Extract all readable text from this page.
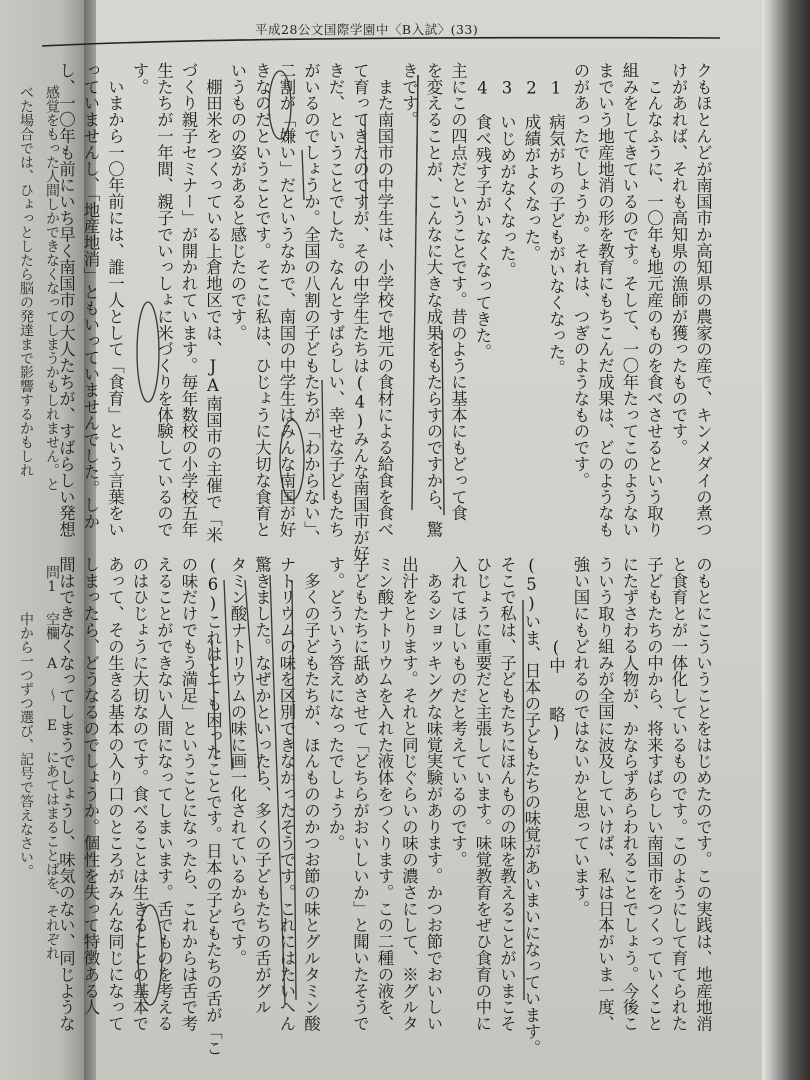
感覚をもった人間しかできなくなってしまうかもしれません。と
べた場合では、ひょっとしたら脳の発達まで影響するかもしれ
問1
空欄 A ～ E にあてはまることばを、それぞれ
中から一つずつ選び、記号で答えなさい。
平成28公文国際学園中〈B入試〉(33)
クもほとんどが南国市か高知県の農家の産で、キンメダイの煮つ
けがあれば、それも高知県の漁師が獲ったものです。
　こんなふうに、一〇年も地元産のものを食べさせるという取り
組みをしてきているのです。そして、一〇年たってこのようない
までいう地産地消の形を教育にもちこんだ成果は、どのようなも
のがあったでしょうか。それは、つぎのようなものです。
　1　病気がちの子どもがいなくなった。
　2　成績がよくなった。
　3　いじめがなくなった。
　4　食べ残す子がいなくなってきた。
主にこの四点だということです。昔のように基本にもどって食
を変えることが、こんなに大きな成果をもたらすのですから、驚
きです。
　また南国市の中学生は、小学校で地元の食材による給食を食べ
て育ってきたのですが、その中学生たちは(4)みんな南国市が好
きだ、ということでした。なんとすばらしい、幸せな子どもたち
がいるのでしょうか。全国の八割の子どもたちが「わからない」、
二割が「嫌い」だというなかで、南国の中学生はみんな南国が好
きなのだということです。そこに私は、ひじょうに大切な食育と
いうものの姿があると感じたのです。
　棚田米をつくっている上倉地区では、JA南国市の主催で「米
づくり親子セミナー」が開かれています。毎年数校の小学校五年
生たちが一年間、親子でいっしょに米づくりを体験しているので
す。
　いまから一〇年前には、誰一人として「食育」という言葉をい
っていませんし、「地産地消」ともいっていませんでした。しか
し、一〇年も前にいち早く南国市の大人たちが、すばらしい発想
のもとにこういうことをはじめたのです。この実践は、地産地消
と食育とが一体化しているものです。このようにして育てられた
子どもたちの中から、将来すばらしい南国市をつくっていくこと
にたずさわる人物が、かならずあらわれることでしょう。今後こ
ういう取り組みが全国に波及していけば、私は日本がいま一度、
強い国にもどれるのではないかと思っています。
　　　　　(中　　略)
(5)いま、日本の子どもたちの味覚があいまいになっています。
そこで私は、子どもたちにほんものの味を教えることがいまこそ
ひじょうに重要だと主張しています。味覚教育をぜひ食育の中に
入れてほしいものだと考えているのです。
　あるショッキングな味覚実験があります。かつお節でおいしい
出汁をとります。それと同じぐらいの味の濃さにして、※グルタ
ミン酸ナトリウムを入れた液体をつくります。この二種の液を、
子どもたちに舐めさせて「どちらがおいしいか」と聞いたそうで
す。どういう答えになったでしょうか。
　多くの子どもたちが、ほんもののかつお節の味とグルタミン酸
ナトリウムの味を区別できなかったそうです。これにはたいへん
驚きました。なぜかといったら、多くの子どもたちの舌がグル
タミン酸ナトリウムの味に画一化されているからです。
(6)これはとても困ったことです。日本の子どもたちの舌が「こ
の味だけでもう満足」ということになったら、これからは舌で考
えることができない人間になってしまいます。舌でものを考える
のはひじょうに大切なのです。食べることは生きることの基本で
あって、その生きる基本の入り口のところがみんな同じになって
しまったら、どうなるのでしょうか。個性を失って特徴ある人
間はできなくなってしまうでしょうし、味気のない、同じような
